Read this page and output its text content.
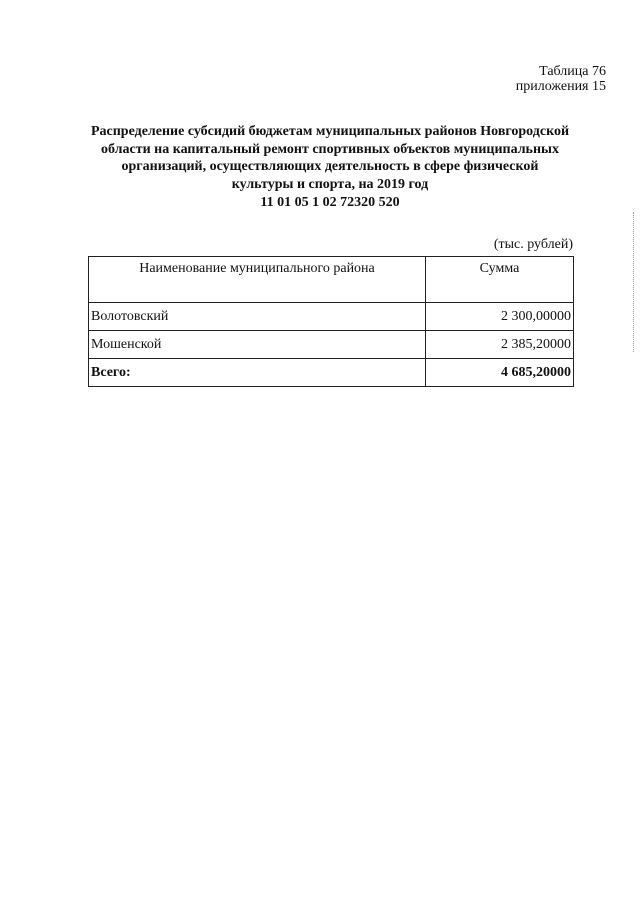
Таблица 76
приложения 15
Распределение субсидий бюджетам муниципальных районов Новгородской области на капитальный ремонт спортивных объектов муниципальных организаций, осуществляющих деятельность в сфере физической культуры и спорта, на 2019 год
11 01 05 1 02 72320 520
(тыс. рублей)
Наименование муниципального района	Сумма
Волотовский	2 300,00000
Мошенской	2 385,20000
Всего:	4 685,20000
